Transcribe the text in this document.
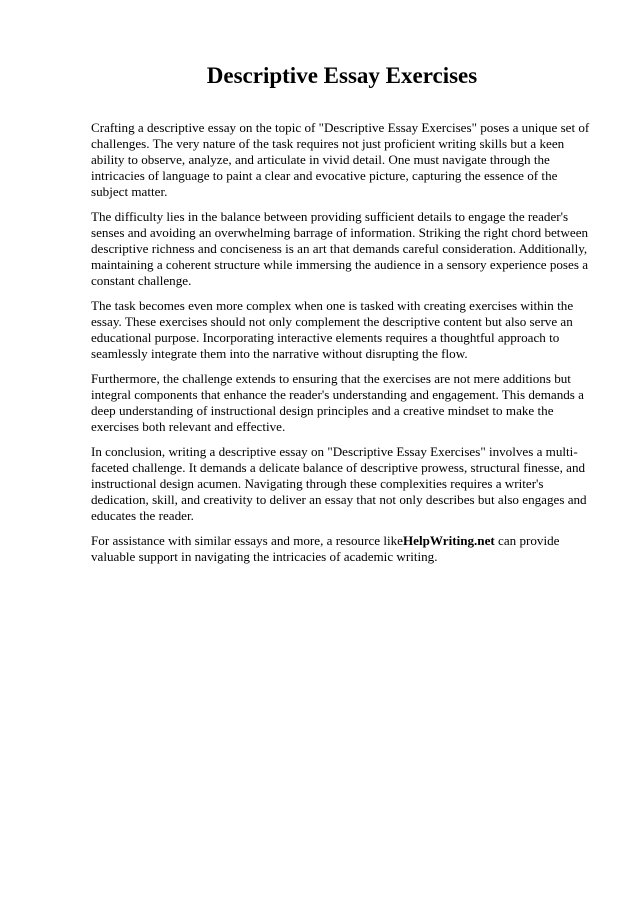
Descriptive Essay Exercises

Crafting a descriptive essay on the topic of "Descriptive Essay Exercises" poses a unique set of challenges. The very nature of the task requires not just proficient writing skills but a keen ability to observe, analyze, and articulate in vivid detail. One must navigate through the intricacies of language to paint a clear and evocative picture, capturing the essence of the subject matter.

The difficulty lies in the balance between providing sufficient details to engage the reader's senses and avoiding an overwhelming barrage of information. Striking the right chord between descriptive richness and conciseness is an art that demands careful consideration. Additionally, maintaining a coherent structure while immersing the audience in a sensory experience poses a constant challenge.

The task becomes even more complex when one is tasked with creating exercises within the essay. These exercises should not only complement the descriptive content but also serve an educational purpose. Incorporating interactive elements requires a thoughtful approach to seamlessly integrate them into the narrative without disrupting the flow.

Furthermore, the challenge extends to ensuring that the exercises are not mere additions but integral components that enhance the reader's understanding and engagement. This demands a deep understanding of instructional design principles and a creative mindset to make the exercises both relevant and effective.

In conclusion, writing a descriptive essay on "Descriptive Essay Exercises" involves a multi-faceted challenge. It demands a delicate balance of descriptive prowess, structural finesse, and instructional design acumen. Navigating through these complexities requires a writer's dedication, skill, and creativity to deliver an essay that not only describes but also engages and educates the reader.

For assistance with similar essays and more, a resource likeHelpWriting.net can provide valuable support in navigating the intricacies of academic writing.
